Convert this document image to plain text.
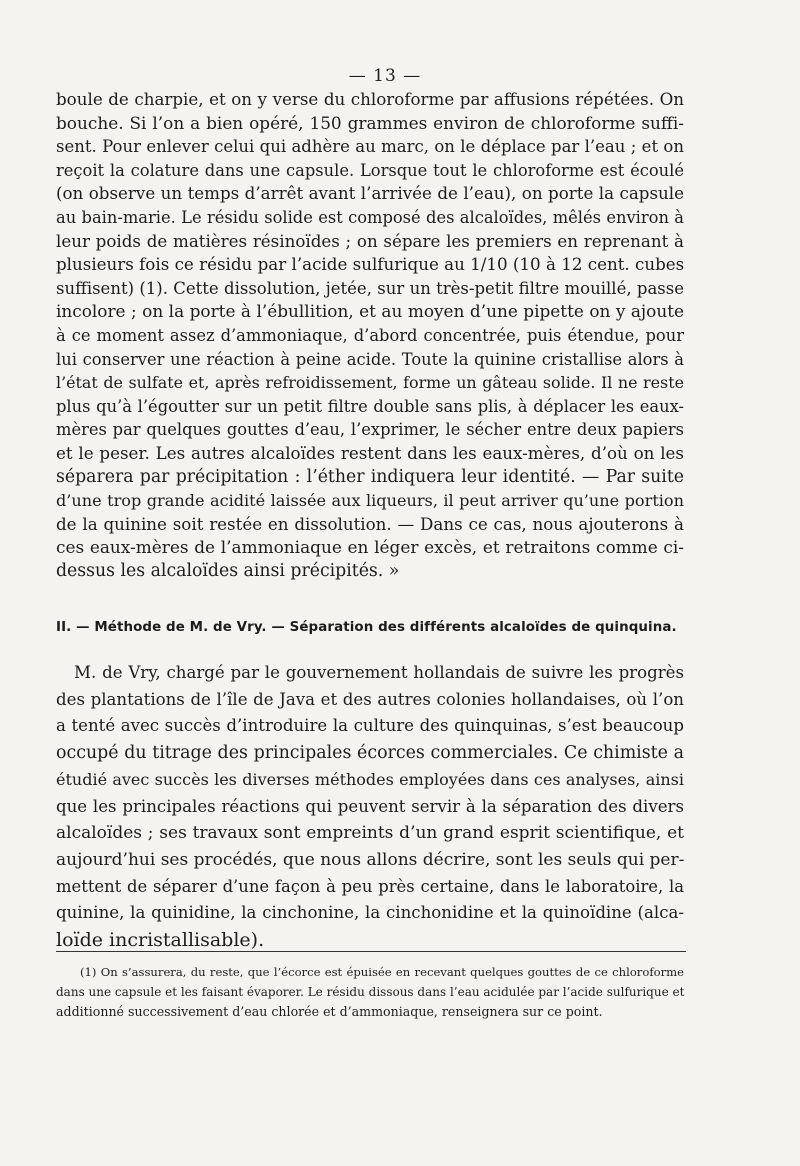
— 13 —
boule de charpie, et on y verse du chloroforme par affusions répétées. On
bouche. Si l’on a bien opéré, 150 grammes environ de chloroforme suffi-
sent. Pour enlever celui qui adhère au marc, on le déplace par l’eau ; et on
reçoit la colature dans une capsule. Lorsque tout le chloroforme est écoulé
(on observe un temps d’arrêt avant l’arrivée de l’eau), on porte la capsule
au bain-marie. Le résidu solide est composé des alcaloïdes, mêlés environ à
leur poids de matières résinoïdes ; on sépare les premiers en reprenant à
plusieurs fois ce résidu par l’acide sulfurique au 1/10 (10 à 12 cent. cubes
suffisent) (1). Cette dissolution, jetée, sur un très-petit filtre mouillé, passe
incolore ; on la porte à l’ébullition, et au moyen d’une pipette on y ajoute
à ce moment assez d’ammoniaque, d’abord concentrée, puis étendue, pour
lui conserver une réaction à peine acide. Toute la quinine cristallise alors à
l’état de sulfate et, après refroidissement, forme un gâteau solide. Il ne reste
plus qu’à l’égoutter sur un petit filtre double sans plis, à déplacer les eaux-
mères par quelques gouttes d’eau, l’exprimer, le sécher entre deux papiers
et le peser. Les autres alcaloïdes restent dans les eaux-mères, d’où on les
séparera par précipitation : l’éther indiquera leur identité. — Par suite
d’une trop grande acidité laissée aux liqueurs, il peut arriver qu’une portion
de la quinine soit restée en dissolution. — Dans ce cas, nous ajouterons à
ces eaux-mères de l’ammoniaque en léger excès, et retraitons comme ci-
dessus les alcaloïdes ainsi précipités. »
II. — Méthode de M. de Vry. — Séparation des différents alcaloïdes de quinquina.
M. de Vry, chargé par le gouvernement hollandais de suivre les progrès
des plantations de l’île de Java et des autres colonies hollandaises, où l’on
a tenté avec succès d’introduire la culture des quinquinas, s’est beaucoup
occupé du titrage des principales écorces commerciales. Ce chimiste a
étudié avec succès les diverses méthodes employées dans ces analyses, ainsi
que les principales réactions qui peuvent servir à la séparation des divers
alcaloïdes ; ses travaux sont empreints d’un grand esprit scientifique, et
aujourd’hui ses procédés, que nous allons décrire, sont les seuls qui per-
mettent de séparer d’une façon à peu près certaine, dans le laboratoire, la
quinine, la quinidine, la cinchonine, la cinchonidine et la quinoïdine (alca-
loïde incristallisable).
(1) On s’assurera, du reste, que l’écorce est épuisée en recevant quelques gouttes de ce chloroforme
dans une capsule et les faisant évaporer. Le résidu dissous dans l’eau acidulée par l’acide sulfurique et
additionné successivement d’eau chlorée et d’ammoniaque, renseignera sur ce point.
